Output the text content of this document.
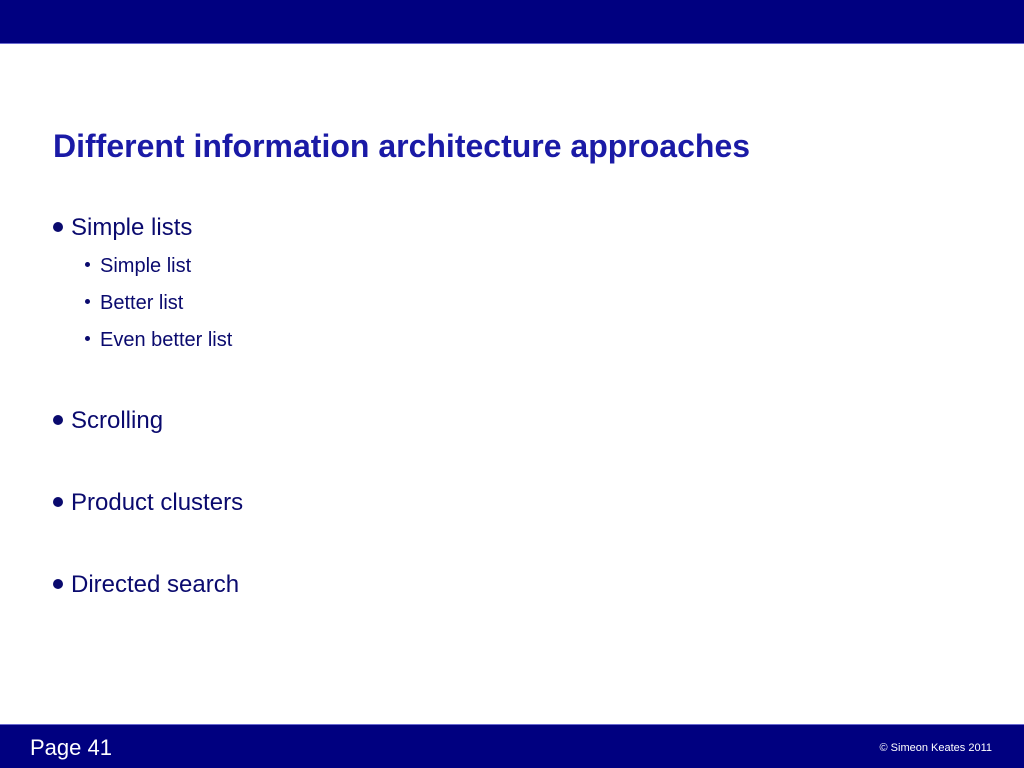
Different information architecture approaches
Simple lists
Simple list
Better list
Even better list
Scrolling
Product clusters
Directed search
Page 41	© Simeon Keates 2011
